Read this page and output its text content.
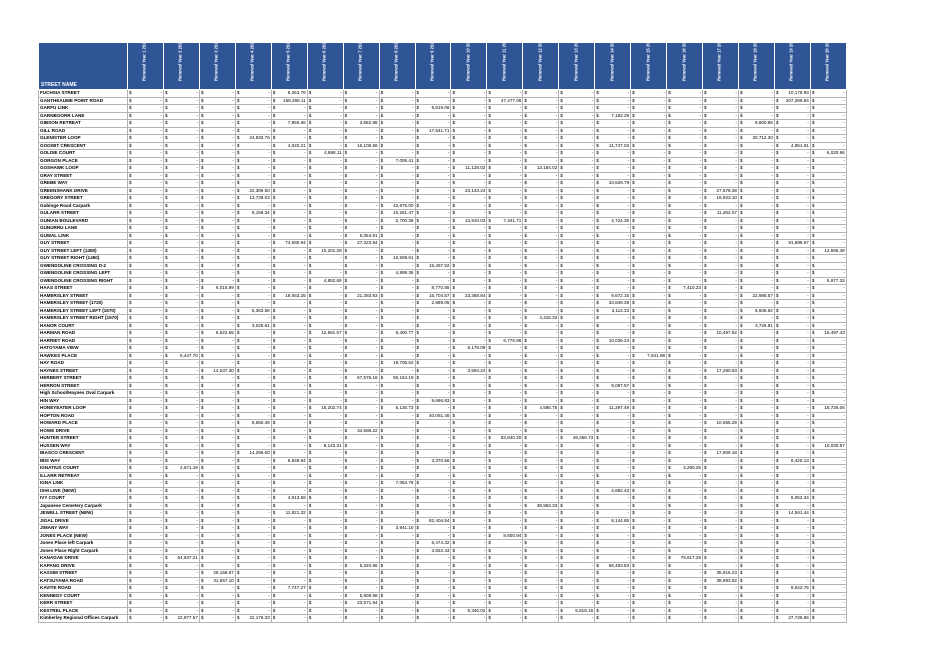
STREET NAME	Renewal Year 1 2021/2022	Renewal Year 2 2022/2023	Renewal Year 3 2023/2024	Renewal Year 4 2024/2025	Renewal Year 5 2025/2026	Renewal Year 6 2026/2027	Renewal Year 7 2027/2028	Renewal Year 8 2028/2029	Renewal Year 9 2029/2030	Renewal Year 10 2030/2031	Renewal Year 11 2031/2032	Renewal Year 12 2032/2033	Renewal Year 13 2033/2034	Renewal Year 14 2034/2035	Renewal Year 15 2035/2036	Renewal Year 16 2036/2037	Renewal Year 17 2037/2038	Renewal Year 18 2038/2039	Renewal Year 19 2039/2040	Renewal Year 20 2040/2041

FUCHSIA STREET	$ -	$ -	$ -	$ -	$ 8,263.76	$ -	$ -	$ -	$ -	$ -	$ -	$ -	$ -	$ -	$ -	$ -	$ -	$ -	$ 10,178.93	$ -

GANTHEAUME POINT ROAD	$ -	$ -	$ -	$ -	$ 168,288.11	$ -	$ -	$ -	$ -	$ -	$ 47,477.08	$ -	$ -	$ -	$ -	$ -	$ -	$ -	$ 207,289.84	$ -

GARFU LINK	$ -	$ -	$ -	$ -	$ -	$ -	$ -	$ -	$ 9,819.06	$ -	$ -	$ -	$ -	$ -	$ -	$ -	$ -	$ -	$ -	$ -

GARNBOORR LANE	$ -	$ -	$ -	$ -	$ -	$ -	$ -	$ -	$ -	$ -	$ -	$ -	$ -	$ 7,182.29	$ -	$ -	$ -	$ -	$ -	$ -

GIBSON RETREAT	$ -	$ -	$ -	$ -	$ 7,956.66	$ -	$ 3,682.88	$ -	$ -	$ -	$ -	$ -	$ -	$ -	$ -	$ -	$ -	$ 9,800.66	$ -	$ -

GILL ROAD	$ -	$ -	$ -	$ -	$ -	$ -	$ -	$ -	$ 17,541.71	$ -	$ -	$ -	$ -	$ -	$ -	$ -	$ -	$ -	$ -	$ -

GLENISTER LOOP	$ -	$ -	$ -	$ 24,933.76	$ -	$ -	$ -	$ -	$ -	$ -	$ -	$ -	$ -	$ -	$ -	$ -	$ -	$ 30,712.30	$ -	$ -

GOOWIT CRESCENT	$ -	$ -	$ -	$ -	$ 4,020.21	$ -	$ 16,106.68	$ -	$ -	$ -	$ -	$ -	$ -	$ 11,747.03	$ -	$ -	$ -	$ -	$ 4,951.91	$ -

GOLDIE COURT	$ -	$ -	$ -	$ -	$ -	$ 4,888.11	$ -	$ -	$ -	$ -	$ -	$ -	$ -	$ -	$ -	$ -	$ -	$ -	$ -	$ 6,020.96

GORGON PLACE	$ -	$ -	$ -	$ -	$ -	$ -	$ -	$ 7,006.41	$ -	$ -	$ -	$ -	$ -	$ -	$ -	$ -	$ -	$ -	$ -	$ -

GOSHAWK LOOP	$ -	$ -	$ -	$ -	$ -	$ -	$ -	$ -	$ -	$ 11,128.02	$ -	$ 13,184.02	$ -	$ -	$ -	$ -	$ -	$ -	$ -	$ -

GRAY STREET	$ -	$ -	$ -	$ -	$ -	$ -	$ -	$ -	$ -	$ -	$ -	$ -	$ -	$ -	$ -	$ -	$ -	$ -	$ -	$ -

GREBE WAY	$ -	$ -	$ -	$ -	$ -	$ -	$ -	$ -	$ -	$ -	$ -	$ -	$ -	$ 10,629.79	$ -	$ -	$ -	$ -	$ -	$ -

GREENSHANK DRIVE	$ -	$ -	$ -	$ 22,389.50	$ -	$ -	$ -	$ -	$ -	$ 23,143.24	$ -	$ -	$ -	$ -	$ -	$ -	$ 27,578.39	$ -	$ -	$ -

GREGORY STREET	$ -	$ -	$ -	$ 13,739.03	$ -	$ -	$ -	$ -	$ -	$ -	$ -	$ -	$ -	$ -	$ -	$ -	$ 16,923.10	$ -	$ -	$ -

Gubinge Road Carpark	$ -	$ -	$ -	$ -	$ -	$ -	$ -	$ 42,875.00	$ -	$ -	$ -	$ -	$ -	$ -	$ -	$ -	$ -	$ -	$ -	$ -

GULARR STREET	$ -	$ -	$ -	$ 9,159.34	$ -	$ -	$ -	$ 10,261.47	$ -	$ -	$ -	$ -	$ -	$ -	$ -	$ -	$ 11,282.07	$ -	$ -	$ -

GUNIAN BOULEVARD	$ -	$ -	$ -	$ -	$ -	$ -	$ -	$ 2,700.39	$ -	$ 13,910.03	$ 7,341.71	$ -	$ -	$ 4,724.35	$ -	$ -	$ -	$ -	$ -	$ -

GUNURRU LANE	$ -	$ -	$ -	$ -	$ -	$ -	$ -	$ -	$ -	$ -	$ -	$ -	$ -	$ -	$ -	$ -	$ -	$ -	$ -	$ -

GUWAL LINK	$ -	$ -	$ -	$ -	$ -	$ -	$ 5,054.91	$ -	$ -	$ -	$ -	$ -	$ -	$ -	$ -	$ -	$ -	$ -	$ -	$ -

GUY STREET	$ -	$ -	$ -	$ -	$ 74,680.94	$ -	$ 27,323.84	$ -	$ -	$ -	$ -	$ -	$ -	$ -	$ -	$ -	$ -	$ -	$ 91,988.67	$ -

GUY STREET LEFT (1450)	$ -	$ -	$ -	$ -	$ -	$ 10,201.28	$ -	$ -	$ -	$ -	$ -	$ -	$ -	$ -	$ -	$ -	$ -	$ -	$ -	$ 12,565.48

GUY STREET RIGHT (1450)	$ -	$ -	$ -	$ -	$ -	$ -	$ -	$ 10,509.61	$ -	$ -	$ -	$ -	$ -	$ -	$ -	$ -	$ -	$ -	$ -	$ -

GWENDOLINE CROSSING D-2	$ -	$ -	$ -	$ -	$ -	$ -	$ -	$ -	$ 15,467.52	$ -	$ -	$ -	$ -	$ -	$ -	$ -	$ -	$ -	$ -	$ -

GWENDOLINE CROSSING LEFT	$ -	$ -	$ -	$ -	$ -	$ -	$ -	$ 4,999.36	$ -	$ -	$ -	$ -	$ -	$ -	$ -	$ -	$ -	$ -	$ -	$ -

GWENDOLINE CROSSING RIGHT	$ -	$ -	$ -	$ -	$ -	$ 4,852.69	$ -	$ -	$ -	$ -	$ -	$ -	$ -	$ -	$ -	$ -	$ -	$ -	$ -	$ 5,977.33

HAAS STREET	$ -	$ -	$ 6,015.99	$ -	$ -	$ -	$ -	$ -	$ 8,770.85	$ -	$ -	$ -	$ -	$ -	$ -	$ 7,410.23	$ -	$ -	$ -	$ -

HAMERSLEY STREET	$ -	$ -	$ -	$ -	$ 18,663.25	$ -	$ 21,283.83	$ -	$ 15,704.57	$ 23,368.84	$ -	$ -	$ -	$ 9,672.15	$ -	$ -	$ -	$ 22,988.57	$ -	$ -

HAMERSLEY STREET (1720)	$ -	$ -	$ -	$ -	$ -	$ -	$ -	$ -	$ 2,889.05	$ -	$ -	$ -	$ -	$ 33,849.38	$ -	$ -	$ -	$ -	$ -	$ -

HAMERSLEY STREET LEFT (1570)	$ -	$ -	$ -	$ 5,363.58	$ -	$ -	$ -	$ -	$ -	$ -	$ -	$ -	$ -	$ 3,112.33	$ -	$ -	$ -	$ 6,606.62	$ -	$ -

HAMERSLEY STREET RIGHT (1570)	$ -	$ -	$ -	$ -	$ -	$ -	$ -	$ -	$ -	$ -	$ -	$ 4,415.33	$ -	$ -	$ -	$ -	$ -	$ -	$ -	$ -

HANOR COURT	$ -	$ -	$ -	$ 3,025.61	$ -	$ -	$ -	$ -	$ -	$ -	$ -	$ -	$ -	$ -	$ -	$ -	$ -	$ 3,726.81	$ -	$ -

HARMAN ROAD	$ -	$ -	$ 8,522.65	$ -	$ -	$ 12,581.57	$ -	$ 5,400.77	$ -	$ -	$ -	$ -	$ -	$ -	$ -	$ -	$ 10,497.82	$ -	$ -	$ 15,497.43

HARRIET ROAD	$ -	$ -	$ -	$ -	$ -	$ -	$ -	$ -	$ -	$ -	$ 6,776.96	$ -	$ -	$ 10,039.24	$ -	$ -	$ -	$ -	$ -	$ -

HATOYAMA VIEW	$ -	$ -	$ -	$ -	$ -	$ -	$ -	$ -	$ -	$ 8,179.09	$ -	$ -	$ -	$ -	$ -	$ -	$ -	$ -	$ -	$ -

HAWKES PLACE	$ -	$ 6,447.70	$ -	$ -	$ -	$ -	$ -	$ -	$ -	$ -	$ -	$ -	$ -	$ -	$ 7,941.99	$ -	$ -	$ -	$ -	$ -

HAY ROAD	$ -	$ -	$ -	$ -	$ -	$ -	$ -	$ 19,705.52	$ -	$ -	$ -	$ -	$ -	$ -	$ -	$ -	$ -	$ -	$ -	$ -

HAYNES STREET	$ -	$ -	$ 14,037.30	$ -	$ -	$ -	$ -	$ -	$ -	$ 3,694.24	$ -	$ -	$ -	$ -	$ -	$ -	$ 17,290.53	$ -	$ -	$ -

HERBERT STREET	$ -	$ -	$ -	$ -	$ -	$ -	$ 67,576.16	$ 50,154.19	$ -	$ -	$ -	$ -	$ -	$ -	$ -	$ -	$ -	$ -	$ -	$ -

HERRON STREET	$ -	$ -	$ -	$ -	$ -	$ -	$ -	$ -	$ -	$ -	$ -	$ -	$ -	$ 9,097.57	$ -	$ -	$ -	$ -	$ -	$ -

High School/Haynes Oval Carpark	$ -	$ -	$ -	$ -	$ -	$ -	$ -	$ -	$ -	$ -	$ -	$ -	$ -	$ -	$ -	$ -	$ -	$ -	$ -	$ -

HIN WAY	$ -	$ -	$ -	$ -	$ -	$ -	$ -	$ -	$ 9,696.83	$ -	$ -	$ -	$ -	$ -	$ -	$ -	$ -	$ -	$ -	$ -

HONEYEATER LOOP	$ -	$ -	$ -	$ -	$ -	$ 15,202.74	$ -	$ 5,130.73	$ -	$ -	$ -	$ 4,585.75	$ -	$ 11,397.49	$ -	$ -	$ -	$ -	$ -	$ 18,726.06

HOPTON ROAD	$ -	$ -	$ -	$ -	$ -	$ -	$ -	$ -	$ 40,061.46	$ -	$ -	$ -	$ -	$ -	$ -	$ -	$ -	$ -	$ -	$ -

HOWARD PLACE	$ -	$ -	$ -	$ 8,650.49	$ -	$ -	$ -	$ -	$ -	$ -	$ -	$ -	$ -	$ -	$ -	$ -	$ 10,655.29	$ -	$ -	$ -

HOWE DRIVE	$ -	$ -	$ -	$ -	$ -	$ -	$ 34,586.22	$ -	$ -	$ -	$ -	$ -	$ -	$ -	$ -	$ -	$ -	$ -	$ -	$ -

HUNTER STREET	$ -	$ -	$ -	$ -	$ -	$ -	$ -	$ -	$ -	$ -	$ 83,840.20	$ -	$ 49,356.73	$ -	$ -	$ -	$ -	$ -	$ -	$ -

HUSSEN WAY	$ -	$ -	$ -	$ -	$ -	$ 8,143.31	$ -	$ -	$ -	$ -	$ -	$ -	$ -	$ -	$ -	$ -	$ -	$ -	$ -	$ 10,030.57

IBASCO CRESCENT	$ -	$ -	$ -	$ 14,296.00	$ -	$ -	$ -	$ -	$ -	$ -	$ -	$ -	$ -	$ -	$ -	$ -	$ 17,609.18	$ -	$ -	$ -

IBIS WAY	$ -	$ -	$ -	$ -	$ 6,839.94	$ -	$ -	$ -	$ 3,370.56	$ -	$ -	$ -	$ -	$ -	$ -	$ -	$ -	$ -	$ 8,425.13	$ -

IGNATIUS COURT	$ -	$ 2,671.19	$ -	$ -	$ -	$ -	$ -	$ -	$ -	$ -	$ -	$ -	$ -	$ -	$ -	$ 3,290.25	$ -	$ -	$ -	$ -

ILLARR RETREAT	$ -	$ -	$ -	$ -	$ -	$ -	$ -	$ -	$ -	$ -	$ -	$ -	$ -	$ -	$ -	$ -	$ -	$ -	$ -	$ -

IGNA LINK	$ -	$ -	$ -	$ -	$ -	$ -	$ -	$ 7,064.79	$ -	$ -	$ -	$ -	$ -	$ -	$ -	$ -	$ -	$ -	$ -	$ -

ISHI LINK (NEW)	$ -	$ -	$ -	$ -	$ -	$ -	$ -	$ -	$ -	$ -	$ -	$ -	$ -	$ 4,692.43	$ -	$ -	$ -	$ -	$ -	$ -

IVY COURT	$ -	$ -	$ -	$ -	$ 4,913.59	$ -	$ -	$ -	$ -	$ -	$ -	$ -	$ -	$ -	$ -	$ -	$ -	$ -	$ 6,052.34	$ -

Japanese Cemetery Carpark	$ -	$ -	$ -	$ -	$ -	$ -	$ -	$ -	$ -	$ -	$ -	$ 36,963.33	$ -	$ -	$ -	$ -	$ -	$ -	$ -	$ -

JEWELL STREET (NEW)	$ -	$ -	$ -	$ -	$ 11,821.32	$ -	$ -	$ -	$ -	$ -	$ -	$ -	$ -	$ -	$ -	$ -	$ -	$ -	$ 14,561.44	$ -

JIGAL DRIVE	$ -	$ -	$ -	$ -	$ -	$ -	$ -	$ -	$ 82,404.54	$ -	$ -	$ -	$ -	$ 8,144.85	$ -	$ -	$ -	$ -	$ -	$ -

JIMANY WAY	$ -	$ -	$ -	$ -	$ -	$ -	$ -	$ 3,941.10	$ -	$ -	$ -	$ -	$ -	$ -	$ -	$ -	$ -	$ -	$ -	$ -

JONES PLACE (NEW)	$ -	$ -	$ -	$ -	$ -	$ -	$ -	$ -	$ -	$ -	$ 8,600.94	$ -	$ -	$ -	$ -	$ -	$ -	$ -	$ -	$ -

Jones Place left Carpark	$ -	$ -	$ -	$ -	$ -	$ -	$ -	$ -	$ 6,474.32	$ -	$ -	$ -	$ -	$ -	$ -	$ -	$ -	$ -	$ -	$ -

Jones Place Right Carpark	$ -	$ -	$ -	$ -	$ -	$ -	$ -	$ -	$ 3,822.43	$ -	$ -	$ -	$ -	$ -	$ -	$ -	$ -	$ -	$ -	$ -

KANAGAE DRIVE	$ -	$ 64,637.21	$ -	$ -	$ -	$ -	$ -	$ -	$ -	$ -	$ -	$ -	$ -	$ -	$ -	$ 79,617.26	$ -	$ -	$ -	$ -

KAPANG DRIVE	$ -	$ -	$ -	$ -	$ -	$ -	$ 5,320.96	$ -	$ -	$ -	$ -	$ -	$ -	$ 58,463.83	$ -	$ -	$ -	$ -	$ -	$ -

KASSIM STREET	$ -	$ -	$ 29,158.57	$ -	$ -	$ -	$ -	$ -	$ -	$ -	$ -	$ -	$ -	$ -	$ -	$ -	$ 35,916.23	$ -	$ -	$ -

KATSUYAMA ROAD	$ -	$ -	$ 31,657.10	$ -	$ -	$ -	$ -	$ -	$ -	$ -	$ -	$ -	$ -	$ -	$ -	$ -	$ 38,993.82	$ -	$ -	$ -

KAVITE ROAD	$ -	$ -	$ -	$ -	$ 7,747.27	$ -	$ -	$ -	$ -	$ -	$ -	$ -	$ -	$ -	$ -	$ -	$ -	$ -	$ 9,542.75	$ -

KENNEDY COURT	$ -	$ -	$ -	$ -	$ -	$ -	$ 5,608.58	$ -	$ -	$ -	$ -	$ -	$ -	$ -	$ -	$ -	$ -	$ -	$ -	$ -

KERR STREET	$ -	$ -	$ -	$ -	$ -	$ -	$ 23,571.84	$ -	$ -	$ -	$ -	$ -	$ -	$ -	$ -	$ -	$ -	$ -	$ -	$ -

KESTREL PLACE	$ -	$ -	$ -	$ -	$ -	$ -	$ -	$ -	$ -	$ 8,346.02	$ -	$ -	$ 5,818.16	$ -	$ -	$ -	$ -	$ -	$ -	$ -

Kimberley Regional Offices Carpark	$ -	$ 22,977.57	$ -	$ 22,176.33	$ -	$ -	$ -	$ -	$ -	$ -	$ -	$ -	$ -	$ -	$ -	$ -	$ -	$ -	$ 27,725.56	$ -
